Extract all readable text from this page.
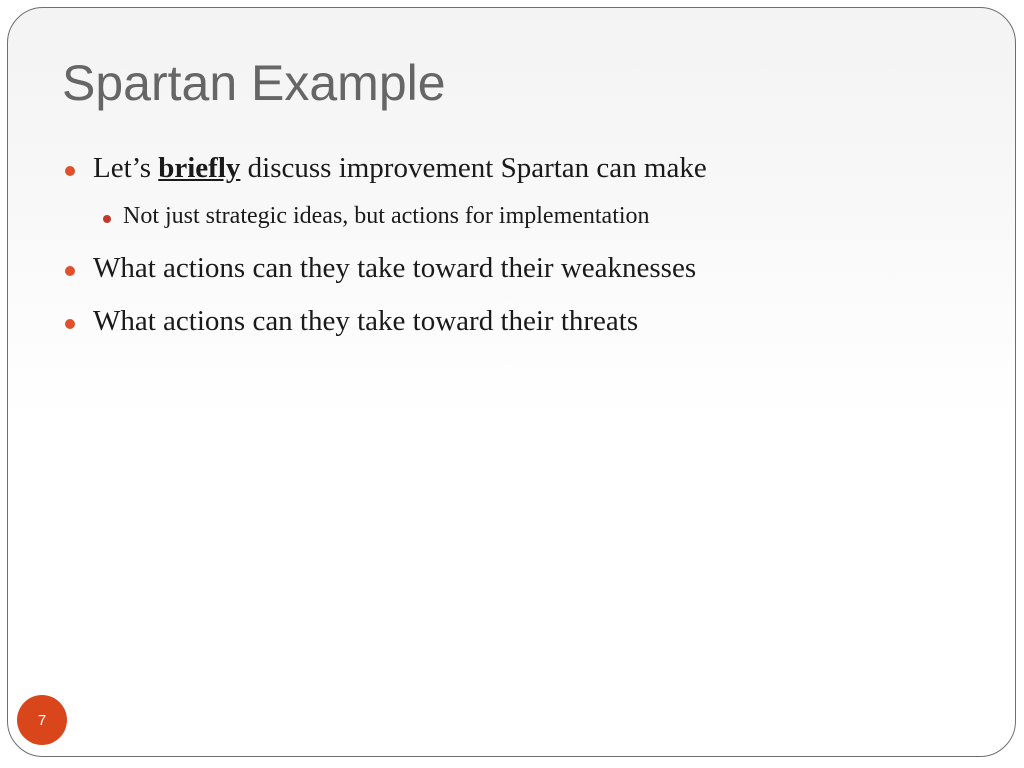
Spartan Example
Let’s briefly discuss improvement Spartan can make
Not just strategic ideas, but actions for implementation
What actions can they take toward their weaknesses
What actions can they take toward their threats
7
